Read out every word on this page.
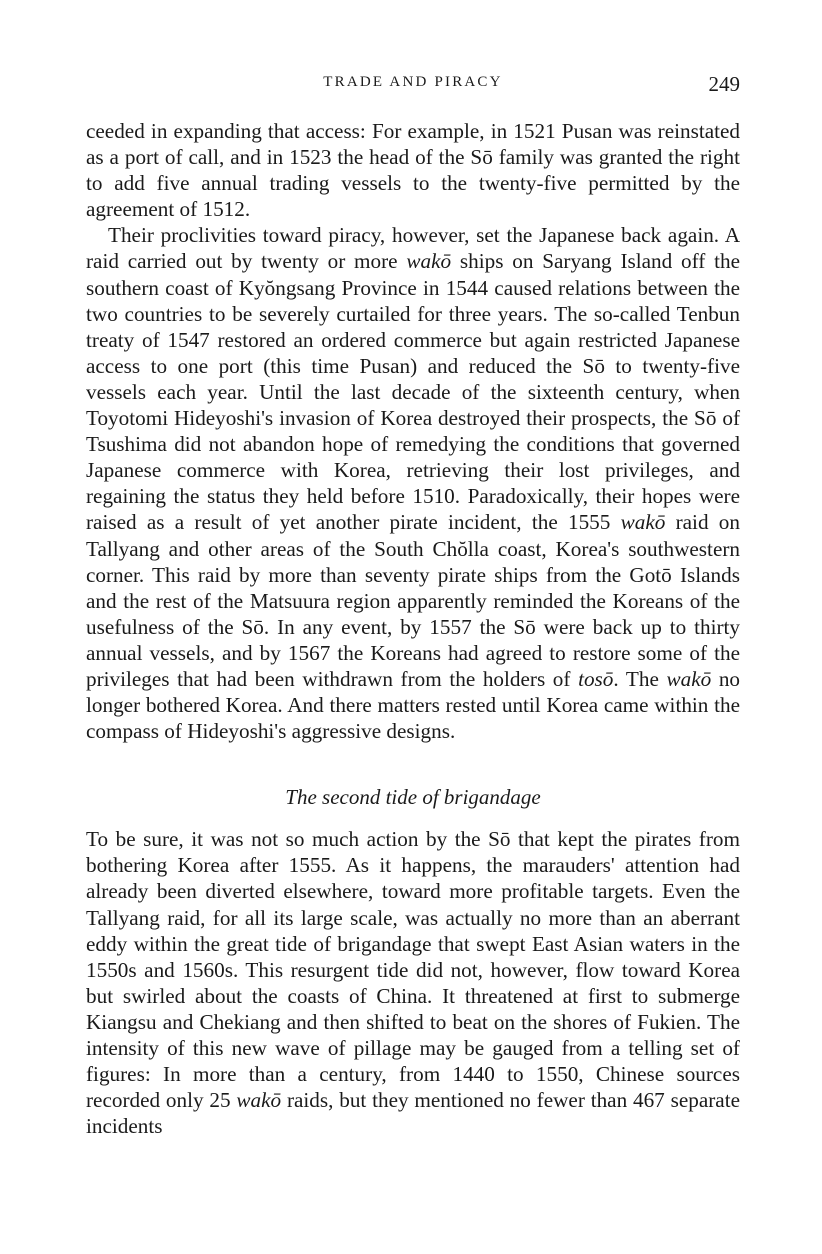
TRADE AND PIRACY	249

ceeded in expanding that access: For example, in 1521 Pusan was reinstated as a port of call, and in 1523 the head of the Sō family was granted the right to add five annual trading vessels to the twenty-five permitted by the agreement of 1512.

Their proclivities toward piracy, however, set the Japanese back again. A raid carried out by twenty or more wakō ships on Saryang Island off the southern coast of Kyŏngsang Province in 1544 caused relations between the two countries to be severely curtailed for three years. The so-called Tenbun treaty of 1547 restored an ordered commerce but again restricted Japanese access to one port (this time Pusan) and reduced the Sō to twenty-five vessels each year. Until the last decade of the sixteenth century, when Toyotomi Hideyoshi's invasion of Korea destroyed their prospects, the Sō of Tsushima did not abandon hope of remedying the conditions that governed Japanese commerce with Korea, retrieving their lost privileges, and regaining the status they held before 1510. Paradoxically, their hopes were raised as a result of yet another pirate incident, the 1555 wakō raid on Tallyang and other areas of the South Chŏlla coast, Korea's southwestern corner. This raid by more than seventy pirate ships from the Gotō Islands and the rest of the Matsuura region apparently reminded the Koreans of the usefulness of the Sō. In any event, by 1557 the Sō were back up to thirty annual vessels, and by 1567 the Koreans had agreed to restore some of the privileges that had been withdrawn from the holders of tosō. The wakō no longer bothered Korea. And there matters rested until Korea came within the compass of Hideyoshi's aggressive designs.

The second tide of brigandage

To be sure, it was not so much action by the Sō that kept the pirates from bothering Korea after 1555. As it happens, the marauders' attention had already been diverted elsewhere, toward more profitable targets. Even the Tallyang raid, for all its large scale, was actually no more than an aberrant eddy within the great tide of brigandage that swept East Asian waters in the 1550s and 1560s. This resurgent tide did not, however, flow toward Korea but swirled about the coasts of China. It threatened at first to submerge Kiangsu and Chekiang and then shifted to beat on the shores of Fukien. The intensity of this new wave of pillage may be gauged from a telling set of figures: In more than a century, from 1440 to 1550, Chinese sources recorded only 25 wakō raids, but they mentioned no fewer than 467 separate incidents
